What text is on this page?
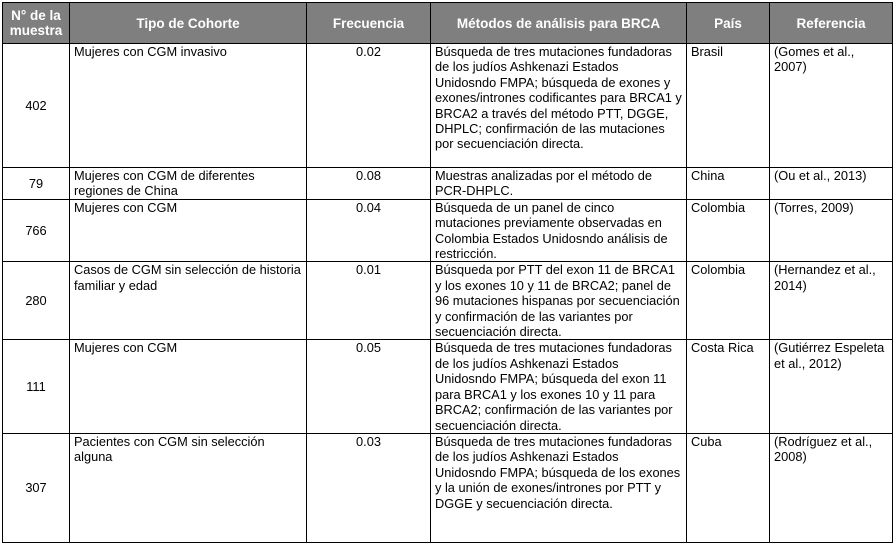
N° de la muestra	Tipo de Cohorte	Frecuencia	Métodos de análisis para BRCA	País	Referencia
402	Mujeres con CGM invasivo	0.02	Búsqueda de tres mutaciones fundadoras de los judíos Ashkenazi Estados Unidosndo FMPA; búsqueda de exones y exones/intrones codificantes para BRCA1 y BRCA2 a través del método PTT, DGGE, DHPLC; confirmación de las mutaciones por secuenciación directa.	Brasil	(Gomes et al., 2007)
79	Mujeres con CGM de diferentes regiones de China	0.08	Muestras analizadas por el método de PCR-DHPLC.	China	(Ou et al., 2013)
766	Mujeres con CGM	0.04	Búsqueda de un panel de cinco mutaciones previamente observadas en Colombia Estados Unidosndo análisis de restricción.	Colombia	(Torres, 2009)
280	Casos de CGM sin selección de historia familiar y edad	0.01	Búsqueda por PTT del exon 11 de BRCA1 y los exones 10 y 11 de BRCA2; panel de 96 mutaciones hispanas por secuenciación y confirmación de las variantes por secuenciación directa.	Colombia	(Hernandez et al., 2014)
111	Mujeres con CGM	0.05	Búsqueda de tres mutaciones fundadoras de los judíos Ashkenazi Estados Unidosndo FMPA; búsqueda del exon 11 para BRCA1 y los exones 10 y 11 para BRCA2; confirmación de las variantes por secuenciación directa.	Costa Rica	(Gutiérrez Espeleta et al., 2012)
307	Pacientes con CGM sin selección alguna	0.03	Búsqueda de tres mutaciones fundadoras de los judíos Ashkenazi Estados Unidosndo FMPA; búsqueda de los exones y la unión de exones/intrones por PTT y DGGE y secuenciación directa.	Cuba	(Rodríguez et al., 2008)
